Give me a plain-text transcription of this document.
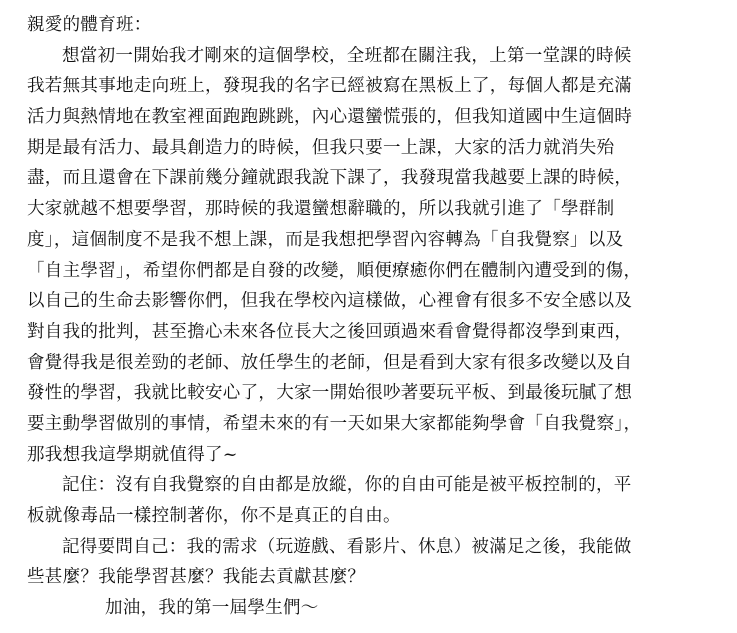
親愛的體育班：
想當初一開始我才剛來的這個學校，全班都在關注我，上第一堂課的時候
我若無其事地走向班上，發現我的名字已經被寫在黑板上了，每個人都是充滿
活力與熱情地在教室裡面跑跑跳跳，內心還蠻慌張的，但我知道國中生這個時
期是最有活力、最具創造力的時候，但我只要一上課，大家的活力就消失殆
盡，而且還會在下課前幾分鐘就跟我說下課了，我發現當我越要上課的時候，
大家就越不想要學習，那時候的我還蠻想辭職的，所以我就引進了「學群制
度」，這個制度不是我不想上課，而是我想把學習內容轉為「自我覺察」以及
「自主學習」，希望你們都是自發的改變，順便療癒你們在體制內遭受到的傷，
以自己的生命去影響你們，但我在學校內這樣做，心裡會有很多不安全感以及
對自我的批判，甚至擔心未來各位長大之後回頭過來看會覺得都沒學到東西，
會覺得我是很差勁的老師、放任學生的老師，但是看到大家有很多改變以及自
發性的學習，我就比較安心了，大家一開始很吵著要玩平板、到最後玩膩了想
要主動學習做別的事情，希望未來的有一天如果大家都能夠學會「自我覺察」，
那我想我這學期就值得了~
記住：沒有自我覺察的自由都是放縱，你的自由可能是被平板控制的，平
板就像毒品一樣控制著你，你不是真正的自由。
記得要問自己：我的需求（玩遊戲、看影片、休息）被滿足之後，我能做
些甚麼？我能學習甚麼？我能去貢獻甚麼？
加油，我的第一屆學生們～
